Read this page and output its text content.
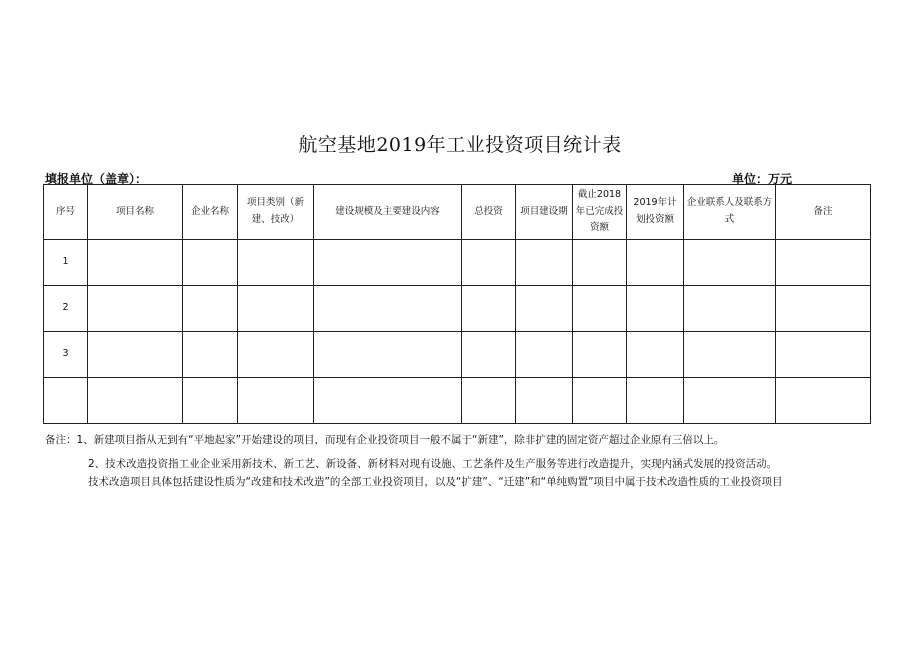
航空基地2019年工业投资项目统计表
填报单位（盖章）：	单位：万元
序号	项目名称	企业名称	项目类别（新建、技改）	建设规模及主要建设内容	总投资	项目建设期	截止2018年已完成投资额	2019年计划投资额	企业联系人及联系方式	备注
1										
2										
3										

备注：1、新建项目指从无到有“平地起家”开始建设的项目，而现有企业投资项目一般不属于“新建”，除非扩建的固定资产超过企业原有三倍以上。
2、技术改造投资指工业企业采用新技术、新工艺、新设备、新材料对现有设施、工艺条件及生产服务等进行改造提升，实现内涵式发展的投资活动。
技术改造项目具体包括建设性质为“改建和技术改造”的全部工业投资项目，以及“扩建”、“迁建”和“单纯购置”项目中属于技术改造性质的工业投资项目
